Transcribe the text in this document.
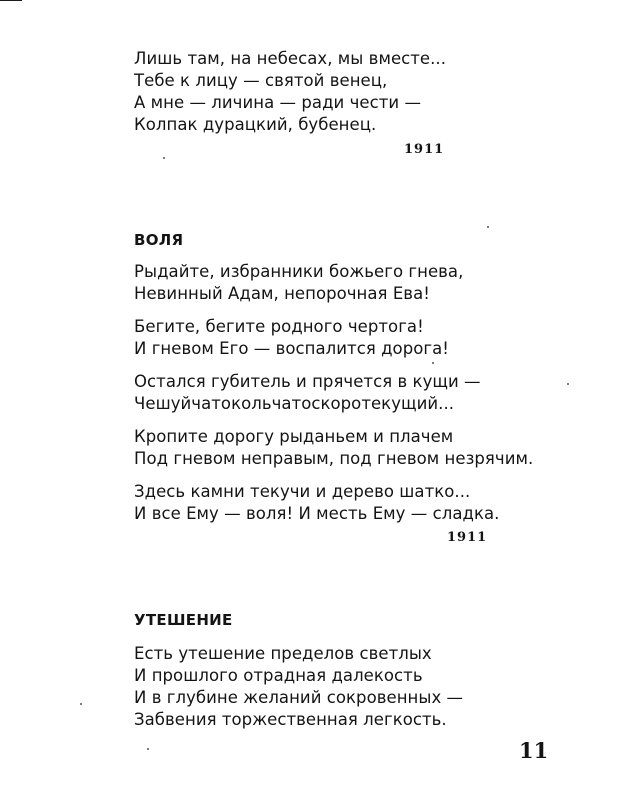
Лишь там, на небесах, мы вместе...
Тебе к лицу — святой венец,
А мне — личина — ради чести —
Колпак дурацкий, бубенец.
1911
ВОЛЯ
Рыдайте, избранники божьего гнева,
Невинный Адам, непорочная Ева!
Бегите, бегите родного чертога!
И гневом Его — воспалится дорога!
Остался губитель и прячется в кущи —
Чешуйчатокольчатоскоротекущий...
Кропите дорогу рыданьем и плачем
Под гневом неправым, под гневом незрячим.
Здесь камни текучи и дерево шатко...
И все Ему — воля! И месть Ему — сладка.
1911
УТЕШЕНИЕ
Есть утешение пределов светлых
И прошлого отрадная далекость
И в глубине желаний сокровенных —
Забвения торжественная легкость.
11
